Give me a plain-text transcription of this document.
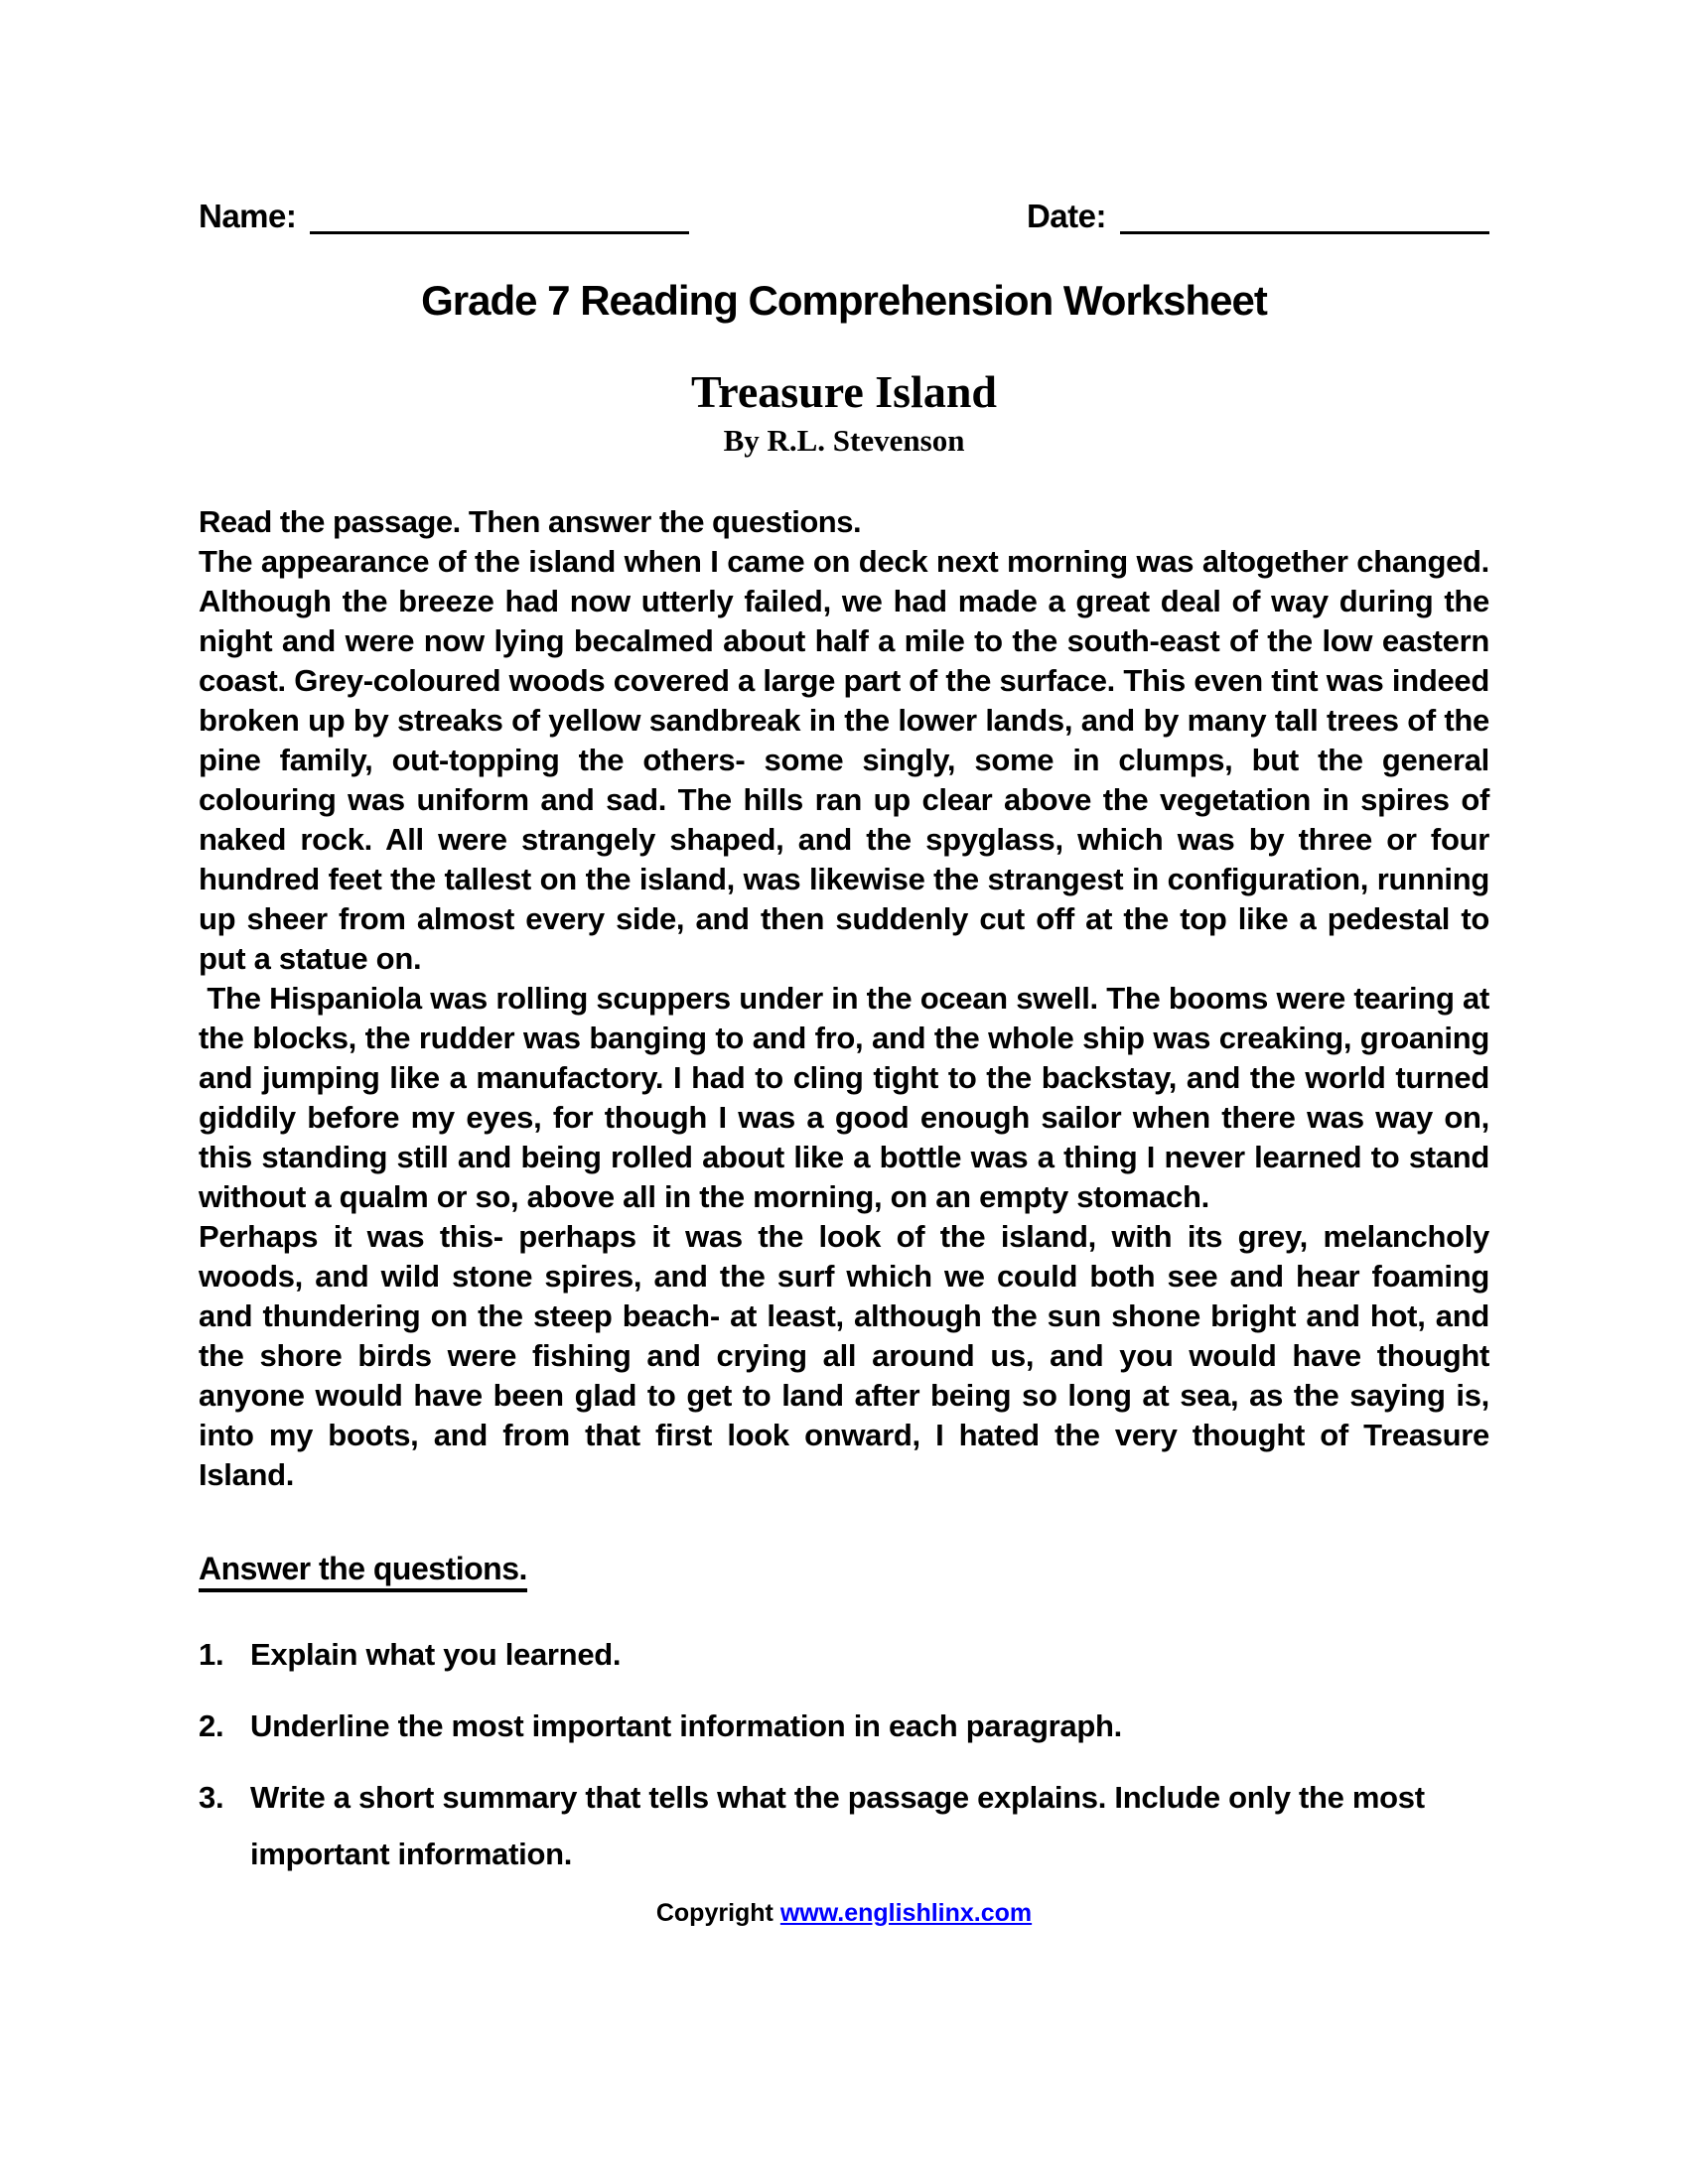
Name:	Date:
Grade 7 Reading Comprehension Worksheet
Treasure Island
By R.L. Stevenson
Read the passage. Then answer the questions.

The appearance of the island when I came on deck next morning was altogether changed. Although the breeze had now utterly failed, we had made a great deal of way during the night and were now lying becalmed about half a mile to the south-east of the low eastern coast. Grey-coloured woods covered a large part of the surface. This even tint was indeed broken up by streaks of yellow sandbreak in the lower lands, and by many tall trees of the pine family, out-topping the others- some singly, some in clumps, but the general colouring was uniform and sad. The hills ran up clear above the vegetation in spires of naked rock. All were strangely shaped, and the spyglass, which was by three or four hundred feet the tallest on the island, was likewise the strangest in configuration, running up sheer from almost every side, and then suddenly cut off at the top like a pedestal to put a statue on.

The Hispaniola was rolling scuppers under in the ocean swell. The booms were tearing at the blocks, the rudder was banging to and fro, and the whole ship was creaking, groaning and jumping like a manufactory. I had to cling tight to the backstay, and the world turned giddily before my eyes, for though I was a good enough sailor when there was way on, this standing still and being rolled about like a bottle was a thing I never learned to stand without a qualm or so, above all in the morning, on an empty stomach.

Perhaps it was this- perhaps it was the look of the island, with its grey, melancholy woods, and wild stone spires, and the surf which we could both see and hear foaming and thundering on the steep beach- at least, although the sun shone bright and hot, and the shore birds were fishing and crying all around us, and you would have thought anyone would have been glad to get to land after being so long at sea, as the saying is, into my boots, and from that first look onward, I hated the very thought of Treasure Island.

Answer the questions.
1. Explain what you learned.
2. Underline the most important information in each paragraph.
3. Write a short summary that tells what the passage explains. Include only the most important information.
Copyright www.englishlinx.com
